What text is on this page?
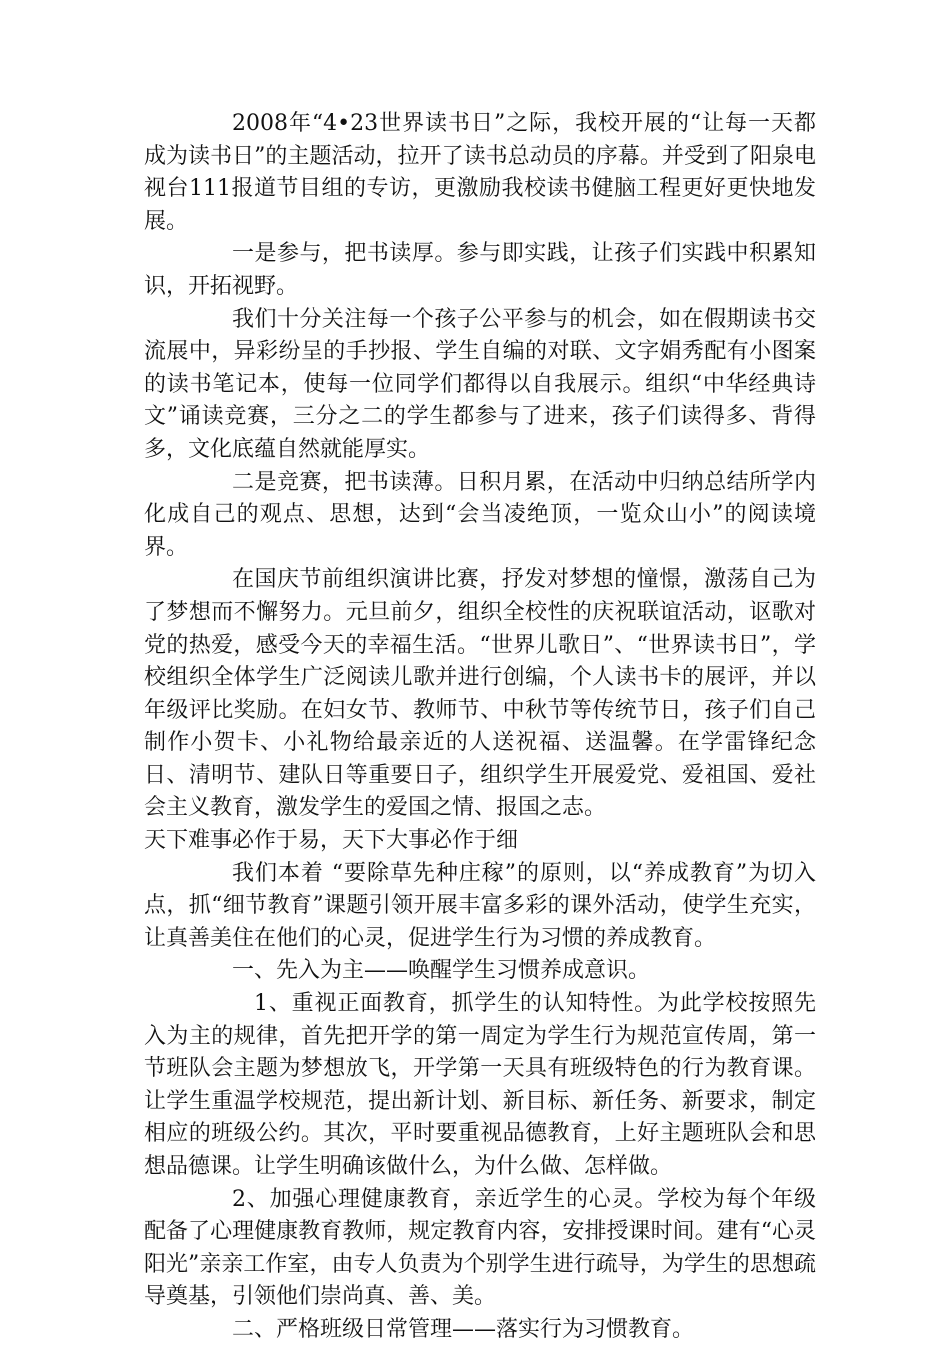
2008年“4•23世界读书日”之际，我校开展的“让每一天都成为读书日”的主题活动，拉开了读书总动员的序幕。并受到了阳泉电视台111报道节目组的专访，更激励我校读书健脑工程更好更快地发展。

一是参与，把书读厚。参与即实践，让孩子们实践中积累知识，开拓视野。

我们十分关注每一个孩子公平参与的机会，如在假期读书交流展中，异彩纷呈的手抄报、学生自编的对联、文字娟秀配有小图案的读书笔记本，使每一位同学们都得以自我展示。组织“中华经典诗文”诵读竞赛，三分之二的学生都参与了进来，孩子们读得多、背得多，文化底蕴自然就能厚实。

二是竞赛，把书读薄。日积月累，在活动中归纳总结所学内化成自己的观点、思想，达到“会当凌绝顶，一览众山小”的阅读境界。

在国庆节前组织演讲比赛，抒发对梦想的憧憬，激荡自己为了梦想而不懈努力。元旦前夕，组织全校性的庆祝联谊活动，讴歌对党的热爱，感受今天的幸福生活。“世界儿歌日”、“世界读书日”，学校组织全体学生广泛阅读儿歌并进行创编，个人读书卡的展评，并以年级评比奖励。在妇女节、教师节、中秋节等传统节日，孩子们自己制作小贺卡、小礼物给最亲近的人送祝福、送温馨。在学雷锋纪念日、清明节、建队日等重要日子，组织学生开展爱党、爱祖国、爱社会主义教育，激发学生的爱国之情、报国之志。

天下难事必作于易，天下大事必作于细

我们本着 “要除草先种庄稼”的原则，以“养成教育”为切入点，抓“细节教育”课题引领开展丰富多彩的课外活动，使学生充实，让真善美住在他们的心灵，促进学生行为习惯的养成教育。

一、先入为主——唤醒学生习惯养成意识。

1、重视正面教育，抓学生的认知特性。为此学校按照先入为主的规律，首先把开学的第一周定为学生行为规范宣传周，第一节班队会主题为梦想放飞，开学第一天具有班级特色的行为教育课。让学生重温学校规范，提出新计划、新目标、新任务、新要求，制定相应的班级公约。其次，平时要重视品德教育，上好主题班队会和思想品德课。让学生明确该做什么，为什么做、怎样做。

2、加强心理健康教育，亲近学生的心灵。学校为每个年级配备了心理健康教育教师，规定教育内容，安排授课时间。建有“心灵阳光”亲亲工作室，由专人负责为个别学生进行疏导，为学生的思想疏导奠基，引领他们崇尚真、善、美。

二、严格班级日常管理——落实行为习惯教育。
